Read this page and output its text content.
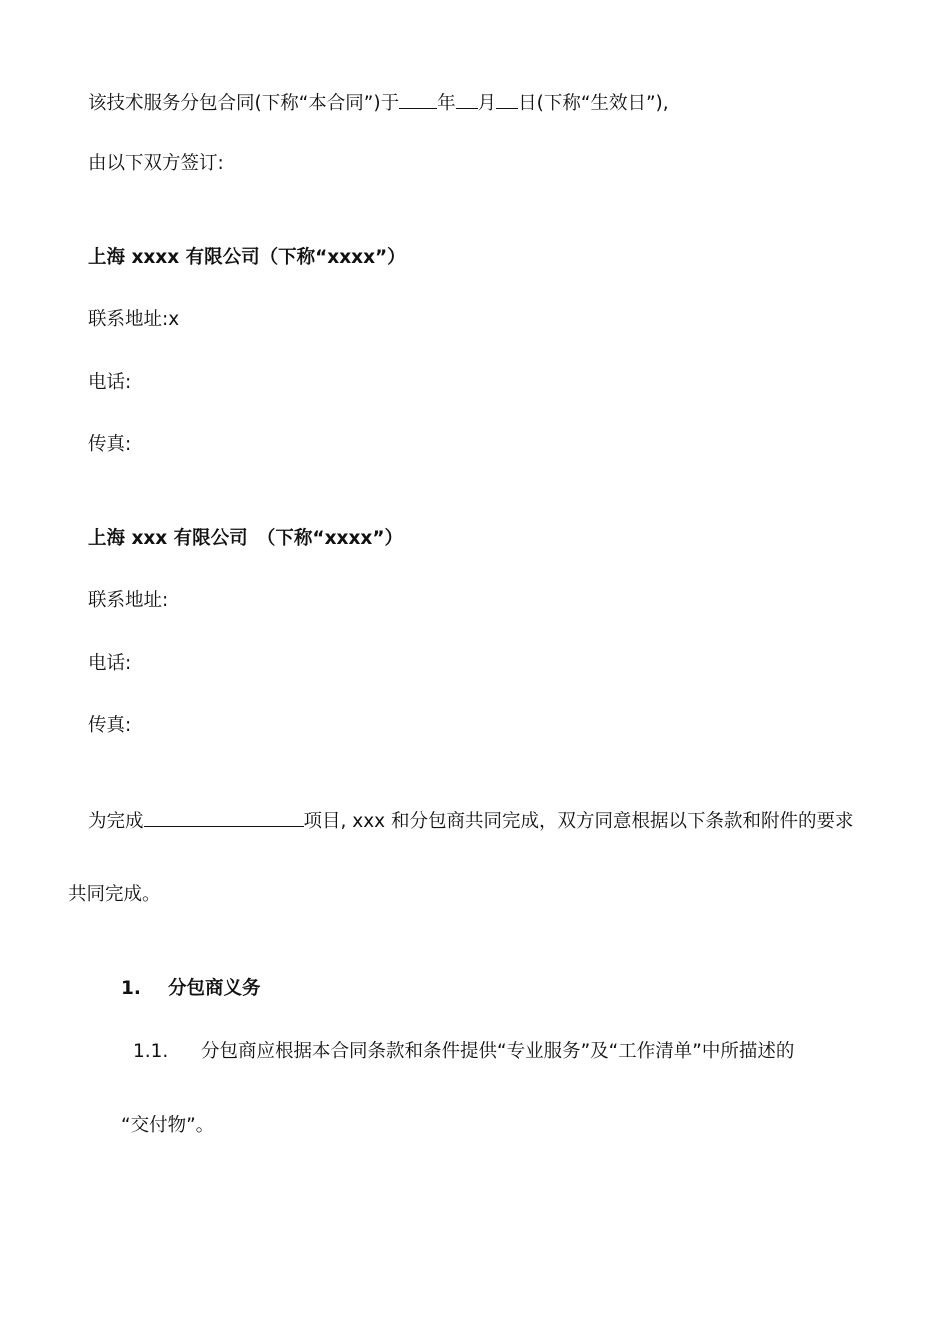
该技术服务分包合同(下称“本合同”)于 年 月 日(下称“生效日”),
由以下双方签订:
上海 xxxx 有限公司（下称“xxxx”）
联系地址:x
电话:
传真:
上海 xxx 有限公司　（下称“xxxx”）
联系地址:
电话:
传真:
为完成	项目, xxx 和分包商共同完成，双方同意根据以下条款和附件的要求
共同完成。
1. 分包商义务
1.1. 分包商应根据本合同条款和条件提供“专业服务”及“工作清单”中所描述的
“交付物”。
